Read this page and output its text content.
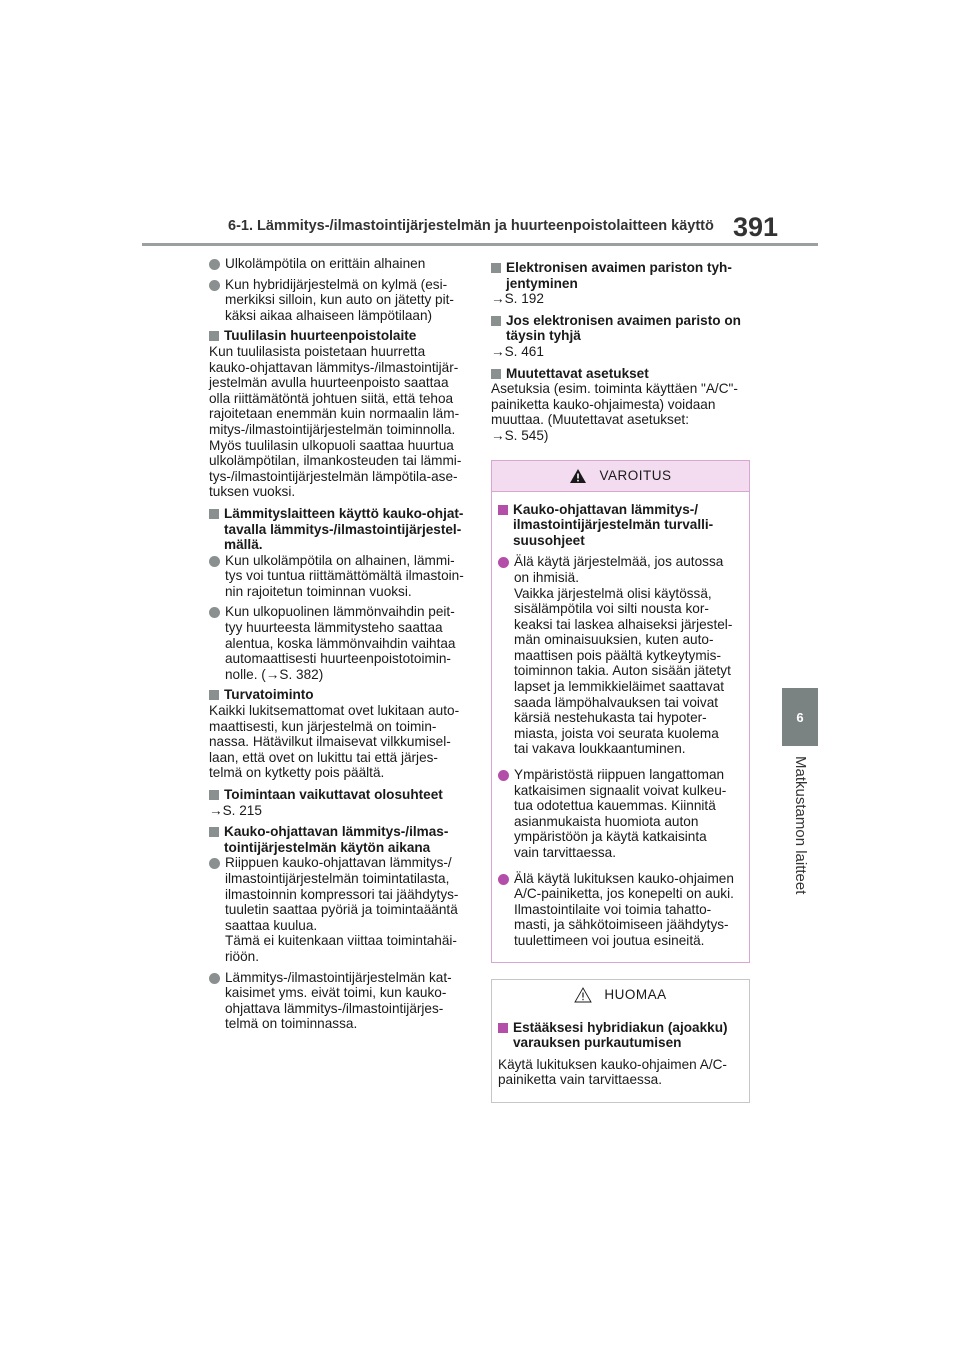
6-1. Lämmitys-/ilmastointijärjestelmän ja huurteenpoistolaitteen käyttö 391
6
Matkustamon laitteet
Ulkolämpötila on erittäin alhainen
Kun hybridijärjestelmä on kylmä (esi-
merkiksi silloin, kun auto on jätetty pit-
käksi aikaa alhaiseen lämpötilaan)
Tuulilasin huurteenpoistolaite
Kun tuulilasista poistetaan huurretta
kauko-ohjattavan lämmitys-/ilmastointijär-
jestelmän avulla huurteenpoisto saattaa
olla riittämätöntä johtuen siitä, että tehoa
rajoitetaan enemmän kuin normaalin läm-
mitys-/ilmastointijärjestelmän toiminnolla.
Myös tuulilasin ulkopuoli saattaa huurtua
ulkolämpötilan, ilmankosteuden tai lämmi-
tys-/ilmastointijärjestelmän lämpötila-ase-
tuksen vuoksi.
Lämmityslaitteen käyttö kauko-ohjat-
tavalla lämmitys-/ilmastointijärjestel-
mällä.
Kun ulkolämpötila on alhainen, lämmi-
tys voi tuntua riittämättömältä ilmastoin-
nin rajoitetun toiminnan vuoksi.
Kun ulkopuolinen lämmönvaihdin peit-
tyy huurteesta lämmitysteho saattaa
alentua, koska lämmönvaihdin vaihtaa
automaattisesti huurteenpoistotoimin-
nolle. (→S. 382)
Turvatoiminto
Kaikki lukitsemattomat ovet lukitaan auto-
maattisesti, kun järjestelmä on toimin-
nassa. Hätävilkut ilmaisevat vilkkumisel-
laan, että ovet on lukittu tai että järjes-
telmä on kytketty pois päältä.
Toimintaan vaikuttavat olosuhteet
→S. 215
Kauko-ohjattavan lämmitys-/ilmas-
tointijärjestelmän käytön aikana
Riippuen kauko-ohjattavan lämmitys-/
ilmastointijärjestelmän toimintatilasta,
ilmastoinnin kompressori tai jäähdytys-
tuuletin saattaa pyöriä ja toimintaääntä
saattaa kuulua.
Tämä ei kuitenkaan viittaa toimintahäi-
riöön.
Lämmitys-/ilmastointijärjestelmän kat-
kaisimet yms. eivät toimi, kun kauko-
ohjattava lämmitys-/ilmastointijärjes-
telmä on toiminnassa.
Elektronisen avaimen pariston tyh-
jentyminen
→S. 192
Jos elektronisen avaimen paristo on
täysin tyhjä
→S. 461
Muutettavat asetukset
Asetuksia (esim. toiminta käyttäen "A/C"-
painiketta kauko-ohjaimesta) voidaan
muuttaa. (Muutettavat asetukset:
→S. 545)
VAROITUS
Kauko-ohjattavan lämmitys-/
ilmastointijärjestelmän turvalli-
suusohjeet
Älä käytä järjestelmää, jos autossa
on ihmisiä.
Vaikka järjestelmä olisi käytössä,
sisälämpötila voi silti nousta kor-
keaksi tai laskea alhaiseksi järjestel-
män ominaisuuksien, kuten auto-
maattisen pois päältä kytkeytymis-
toiminnon takia. Auton sisään jätetyt
lapset ja lemmikkieläimet saattavat
saada lämpöhalvauksen tai voivat
kärsiä nestehukasta tai hypoter-
miasta, joista voi seurata kuolema
tai vakava loukkaantuminen.
Ympäristöstä riippuen langattoman
katkaisimen signaalit voivat kulkeu-
tua odotettua kauemmas. Kiinnitä
asianmukaista huomiota auton
ympäristöön ja käytä katkaisinta
vain tarvittaessa.
Älä käytä lukituksen kauko-ohjaimen
A/C-painiketta, jos konepelti on auki.
Ilmastointilaite voi toimia tahatto-
masti, ja sähkötoimiseen jäähdytys-
tuulettimeen voi joutua esineitä.
HUOMAA
Estääksesi hybridiakun (ajoakku)
varauksen purkautumisen
Käytä lukituksen kauko-ohjaimen A/C-
painiketta vain tarvittaessa.
